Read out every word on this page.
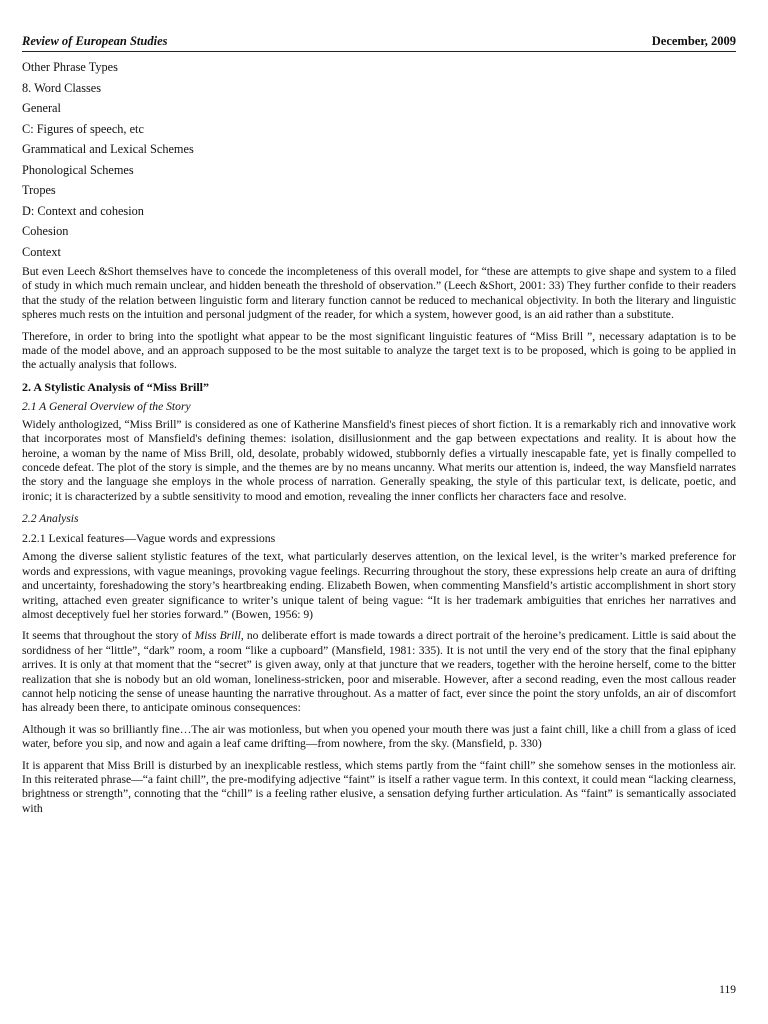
Review of European Studies	December, 2009

Other Phrase Types

8. Word Classes

General

C: Figures of speech, etc

Grammatical and Lexical Schemes

Phonological Schemes

Tropes

D: Context and cohesion

Cohesion

Context

But even Leech &Short themselves have to concede the incompleteness of this overall model, for “these are attempts to give shape and system to a filed of study in which much remain unclear, and hidden beneath the threshold of observation.” (Leech &Short, 2001: 33) They further confide to their readers that the study of the relation between linguistic form and literary function cannot be reduced to mechanical objectivity. In both the literary and linguistic spheres much rests on the intuition and personal judgment of the reader, for which a system, however good, is an aid rather than a substitute.

Therefore, in order to bring into the spotlight what appear to be the most significant linguistic features of “Miss Brill ”, necessary adaptation is to be made of the model above, and an approach supposed to be the most suitable to analyze the target text is to be proposed, which is going to be applied in the actually analysis that follows.

2. A Stylistic Analysis of “Miss Brill”
2.1 A General Overview of the Story

Widely anthologized, “Miss Brill” is considered as one of Katherine Mansfield's finest pieces of short fiction. It is a remarkably rich and innovative work that incorporates most of Mansfield's defining themes: isolation, disillusionment and the gap between expectations and reality. It is about how the heroine, a woman by the name of Miss Brill, old, desolate, probably widowed, stubbornly defies a virtually inescapable fate, yet is finally compelled to concede defeat. The plot of the story is simple, and the themes are by no means uncanny. What merits our attention is, indeed, the way Mansfield narrates the story and the language she employs in the whole process of narration. Generally speaking, the style of this particular text, is delicate, poetic, and ironic; it is characterized by a subtle sensitivity to mood and emotion, revealing the inner conflicts her characters face and resolve.

2.2 Analysis
2.2.1 Lexical features—Vague words and expressions

Among the diverse salient stylistic features of the text, what particularly deserves attention, on the lexical level, is the writer’s marked preference for words and expressions, with vague meanings, provoking vague feelings. Recurring throughout the story, these expressions help create an aura of drifting and uncertainty, foreshadowing the story’s heartbreaking ending. Elizabeth Bowen, when commenting Mansfield’s artistic accomplishment in short story writing, attached even greater significance to writer’s unique talent of being vague: “It is her trademark ambiguities that enriches her narratives and almost deceptively fuel her stories forward.” (Bowen, 1956: 9)

It seems that throughout the story of Miss Brill, no deliberate effort is made towards a direct portrait of the heroine’s predicament. Little is said about the sordidness of her “little”, “dark” room, a room “like a cupboard” (Mansfield, 1981: 335). It is not until the very end of the story that the final epiphany arrives. It is only at that moment that the “secret” is given away, only at that juncture that we readers, together with the heroine herself, come to the bitter realization that she is nobody but an old woman, loneliness-stricken, poor and miserable. However, after a second reading, even the most callous reader cannot help noticing the sense of unease haunting the narrative throughout. As a matter of fact, ever since the point the story unfolds, an air of discomfort has already been there, to anticipate ominous consequences:

Although it was so brilliantly fine…The air was motionless, but when you opened your mouth there was just a faint chill, like a chill from a glass of iced water, before you sip, and now and again a leaf came drifting—from nowhere, from the sky. (Mansfield, p. 330)

It is apparent that Miss Brill is disturbed by an inexplicable restless, which stems partly from the “faint chill” she somehow senses in the motionless air. In this reiterated phrase—“a faint chill”, the pre-modifying adjective “faint” is itself a rather vague term. In this context, it could mean “lacking clearness, brightness or strength”, connoting that the “chill” is a feeling rather elusive, a sensation defying further articulation. As “faint” is semantically associated with

119
